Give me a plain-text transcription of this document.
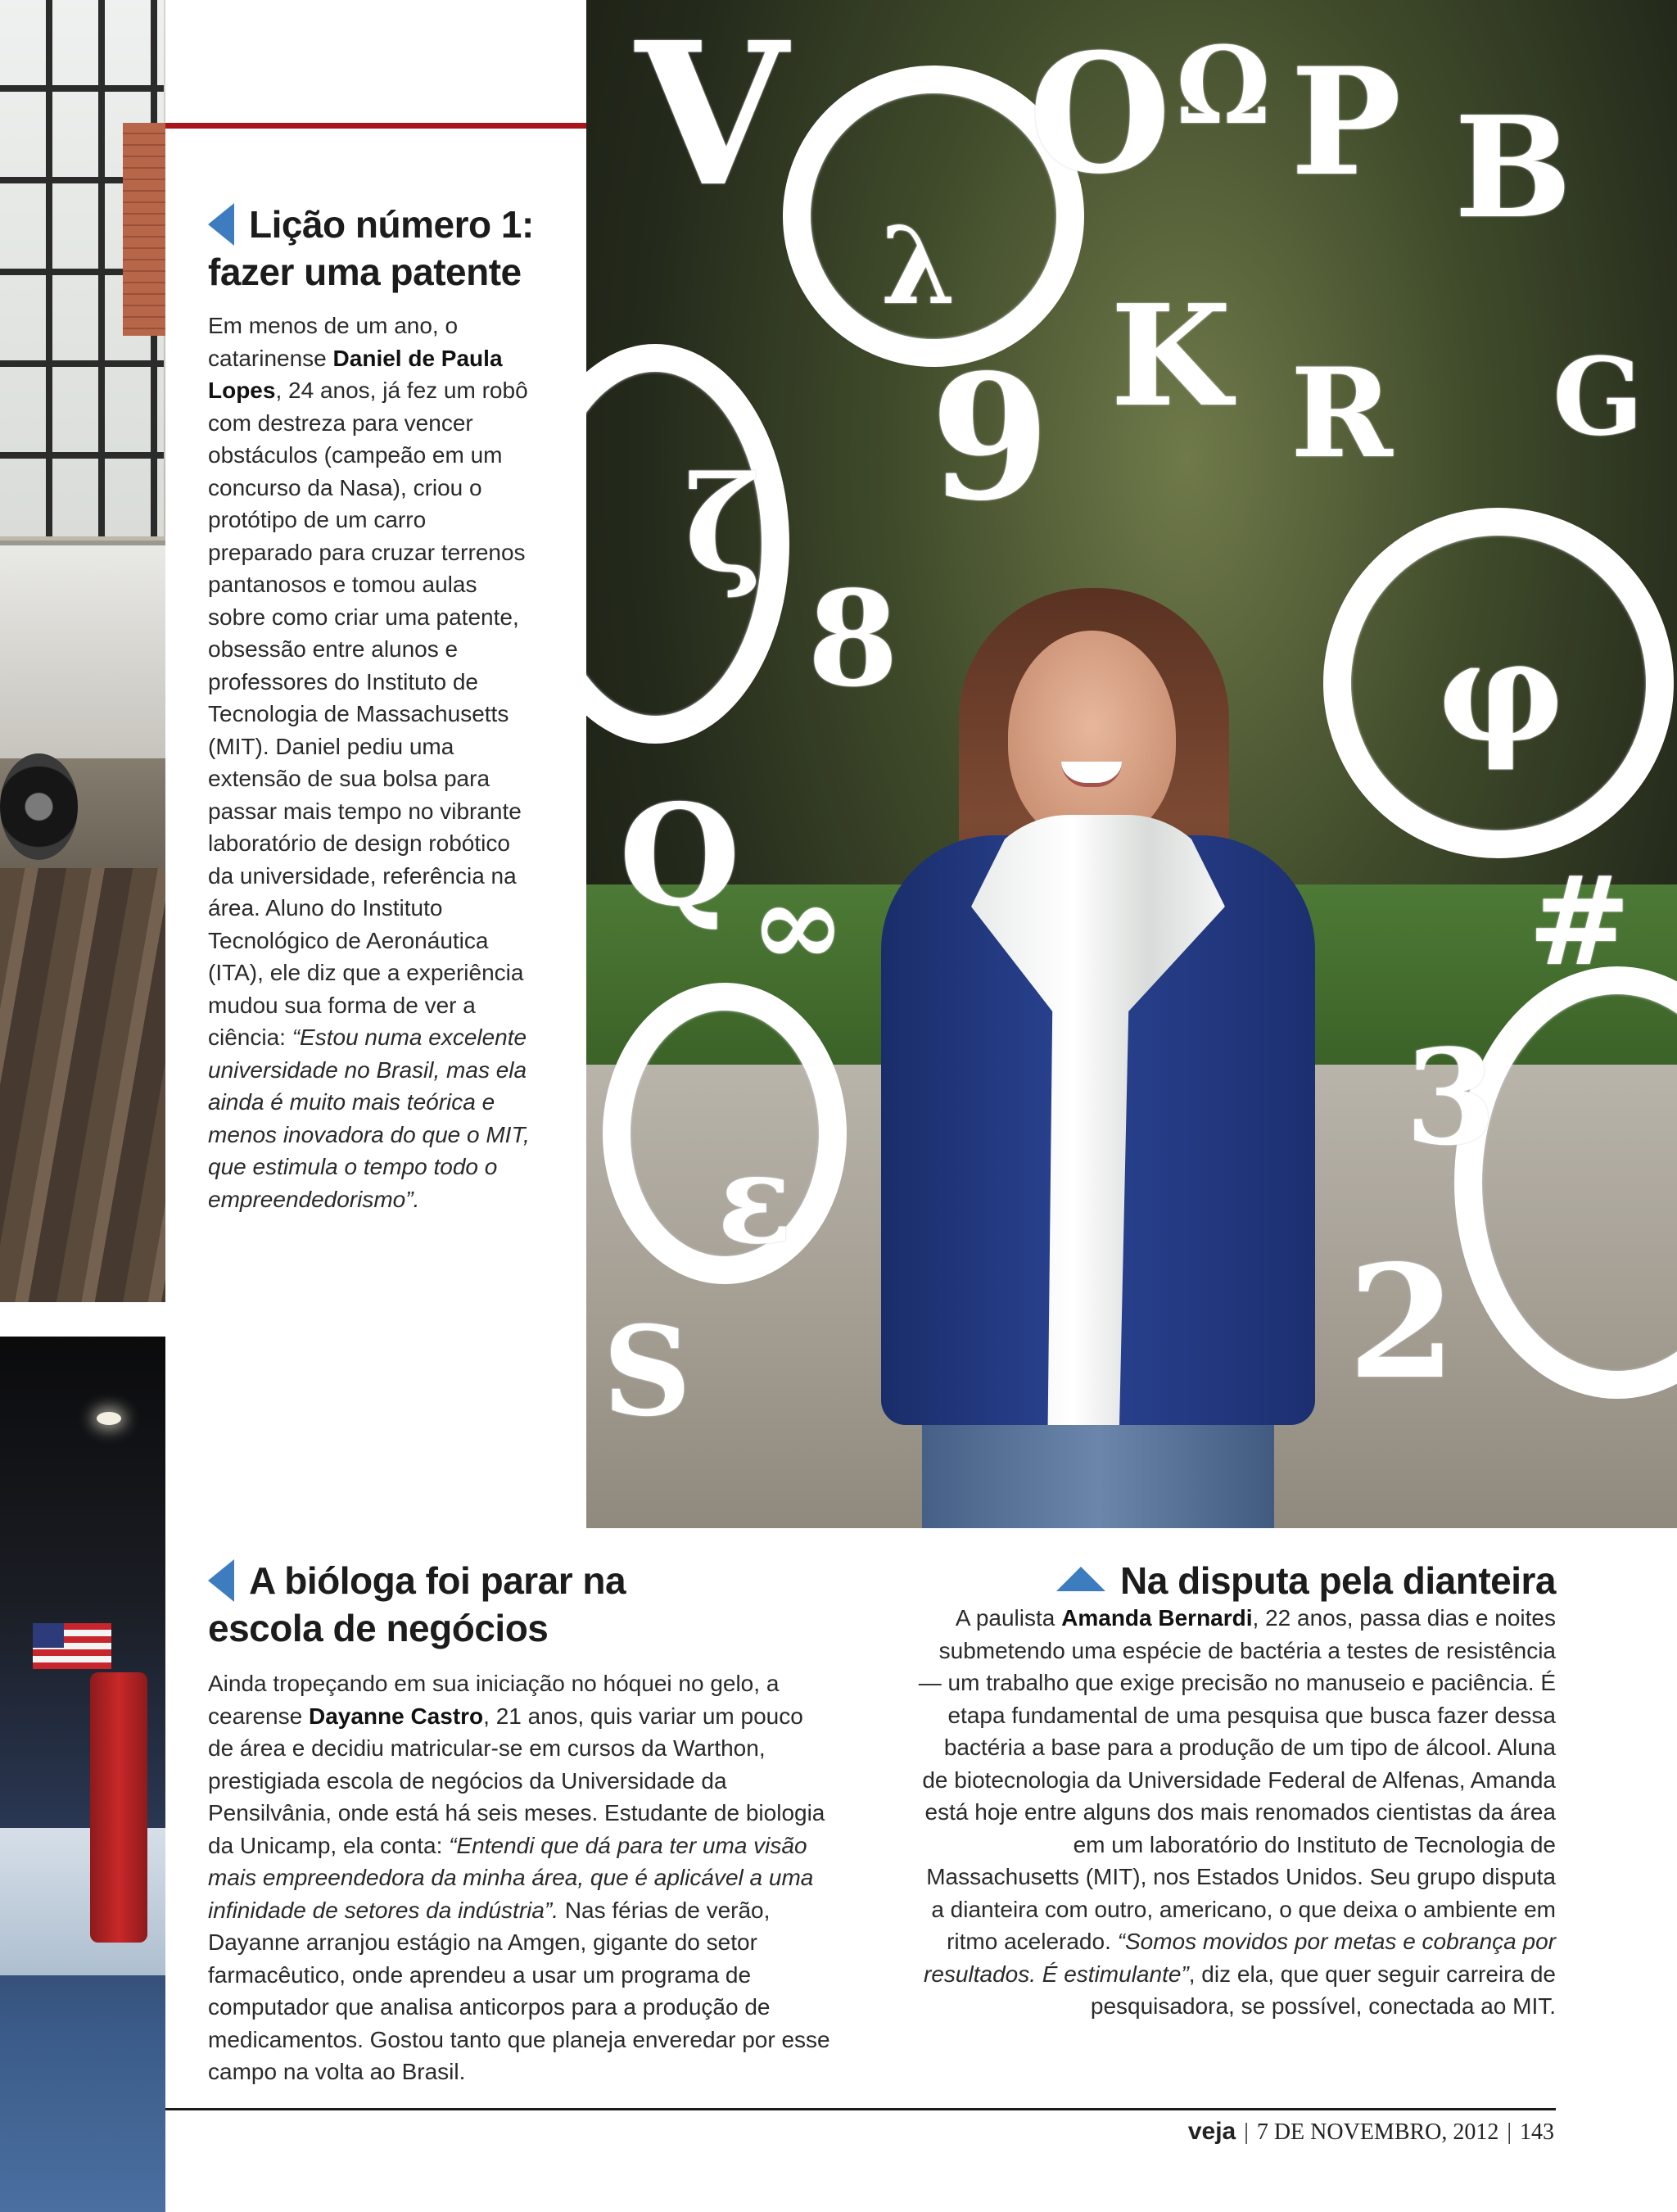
V O P B
9 K R
ζ
8	φ
Q ∞	#
3
ε
2
S
Ω
λ
G
Lição número 1:
fazer uma patente
Em menos de um ano, o catarinense Daniel de Paula Lopes, 24 anos, já fez um robô com destreza para vencer obstáculos (campeão em um concurso da Nasa), criou o protótipo de um carro preparado para cruzar terrenos pantanosos e tomou aulas sobre como criar uma patente, obsessão entre alunos e professores do Instituto de Tecnologia de Massachusetts (MIT). Daniel pediu uma extensão de sua bolsa para passar mais tempo no vibrante laboratório de design robótico da universidade, referência na área. Aluno do Instituto Tecnológico de Aeronáutica (ITA), ele diz que a experiência mudou sua forma de ver a ciência: “Estou numa excelente universidade no Brasil, mas ela ainda é muito mais teórica e menos inovadora do que o MIT, que estimula o tempo todo o empreendedorismo”.
A bióloga foi parar na
escola de negócios
Ainda tropeçando em sua iniciação no hóquei no gelo, a cearense Dayanne Castro, 21 anos, quis variar um pouco de área e decidiu matricular-se em cursos da Warthon, prestigiada escola de negócios da Universidade da Pensilvânia, onde está há seis meses. Estudante de biologia da Unicamp, ela conta: “Entendi que dá para ter uma visão mais empreendedora da minha área, que é aplicável a uma infinidade de setores da indústria”. Nas férias de verão, Dayanne arranjou estágio na Amgen, gigante do setor farmacêutico, onde aprendeu a usar um programa de computador que analisa anticorpos para a produção de medicamentos. Gostou tanto que planeja enveredar por esse campo na volta ao Brasil.
Na disputa pela dianteira
A paulista Amanda Bernardi, 22 anos, passa dias e noites submetendo uma espécie de bactéria a testes de resistência — um trabalho que exige precisão no manuseio e paciência. É etapa fundamental de uma pesquisa que busca fazer dessa bactéria a base para a produção de um tipo de álcool. Aluna de biotecnologia da Universidade Federal de Alfenas, Amanda está hoje entre alguns dos mais renomados cientistas da área em um laboratório do Instituto de Tecnologia de Massachusetts (MIT), nos Estados Unidos. Seu grupo disputa a dianteira com outro, americano, o que deixa o ambiente em ritmo acelerado. “Somos movidos por metas e cobrança por resultados. É estimulante”, diz ela, que quer seguir carreira de pesquisadora, se possível, conectada ao MIT.
veja | 7 DE NOVEMBRO, 2012 | 143
